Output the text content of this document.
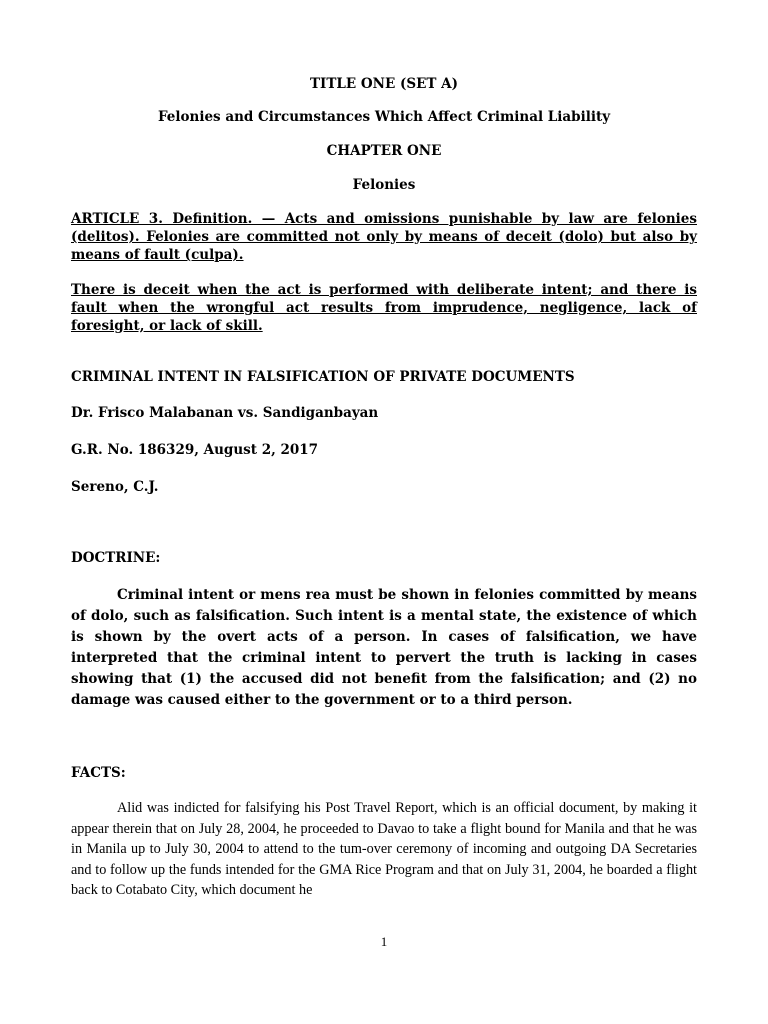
TITLE ONE (SET A)

Felonies and Circumstances Which Affect Criminal Liability

CHAPTER ONE

Felonies

ARTICLE 3. Definition. — Acts and omissions punishable by law are felonies (delitos). Felonies are committed not only by means of deceit (dolo) but also by means of fault (culpa).

There is deceit when the act is performed with deliberate intent; and there is fault when the wrongful act results from imprudence, negligence, lack of foresight, or lack of skill.

CRIMINAL INTENT IN FALSIFICATION OF PRIVATE DOCUMENTS

Dr. Frisco Malabanan vs. Sandiganbayan

G.R. No. 186329, August 2, 2017

Sereno, C.J.

DOCTRINE:

Criminal intent or mens rea must be shown in felonies committed by means of dolo, such as falsification. Such intent is a mental state, the existence of which is shown by the overt acts of a person. In cases of falsification, we have interpreted that the criminal intent to pervert the truth is lacking in cases showing that (1) the accused did not benefit from the falsification; and (2) no damage was caused either to the government or to a third person.

FACTS:

Alid was indicted for falsifying his Post Travel Report, which is an official document, by making it appear therein that on July 28, 2004, he proceeded to Davao to take a flight bound for Manila and that he was in Manila up to July 30, 2004 to attend to the tum-over ceremony of incoming and outgoing DA Secretaries and to follow up the funds intended for the GMA Rice Program and that on July 31, 2004, he boarded a flight back to Cotabato City, which document he

1
